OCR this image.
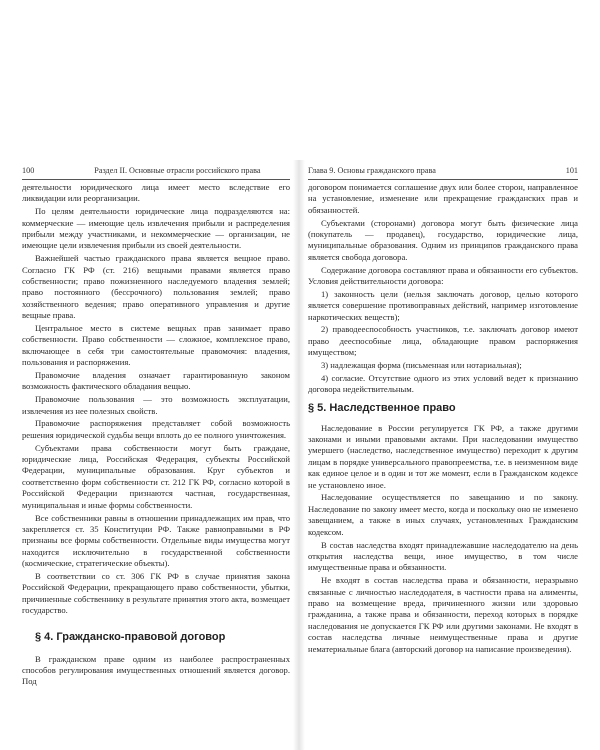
100	Раздел II. Основные отрасли российского права

деятельности юридического лица имеет место вследствие его ликвидации или реорганизации.

По целям деятельности юридические лица подразделяются на: коммерческие — имеющие цель извлечения прибыли и распределения прибыли между участниками, и некоммерческие — организации, не имеющие цели извлечения прибыли из своей деятельности.

Важнейшей частью гражданского права является вещное право. Согласно ГК РФ (ст. 216) вещными правами является право собственности; право пожизненного наследуемого владения землей; право постоянного (бессрочного) пользования землей; право хозяйственного ведения; право оперативного управления и другие вещные права.

Центральное место в системе вещных прав занимает право собственности. Право собственности — сложное, комплексное право, включающее в себя три самостоятельные правомочия: владения, пользования и распоряжения.

Правомочие владения означает гарантированную законом возможность фактического обладания вещью.

Правомочие пользования — это возможность эксплуатации, извлечения из нее полезных свойств.

Правомочие распоряжения представляет собой возможность решения юридической судьбы вещи вплоть до ее полного уничтожения.

Субъектами права собственности могут быть граждане, юридические лица, Российская Федерация, субъекты Российской Федерации, муниципальные образования. Круг субъектов и соответственно форм собственности ст. 212 ГК РФ, согласно которой в Российской Федерации признаются частная, государственная, муниципальная и иные формы собственности.

Все собственники равны в отношении принадлежащих им прав, что закрепляется ст. 35 Конституции РФ. Также равноправными в РФ признаны все формы собственности. Отдельные виды имущества могут находится исключительно в государственной собственности (космические, стратегические объекты).

В соответствии со ст. 306 ГК РФ в случае принятия закона Российской Федерации, прекращающего право собственности, убытки, причиненные собственнику в результате принятия этого акта, возмещает государство.

§ 4. Гражданско-правовой договор

В гражданском праве одним из наиболее распространенных способов регулирования имущественных отношений является договор. Под

Глава 9. Основы гражданского права	101

договором понимается соглашение двух или более сторон, направленное на установление, изменение или прекращение гражданских прав и обязанностей.

Субъектами (сторонами) договора могут быть физические лица (покупатель — продавец), государство, юридические лица, муниципальные образования. Одним из принципов гражданского права является свобода договора.

Содержание договора составляют права и обязанности его субъектов. Условия действительности договора:

1) законность цели (нельзя заключать договор, целью которого является совершение противоправных действий, например изготовление наркотических веществ);

2) праводееспособность участников, т.е. заключать договор имеют право дееспособные лица, обладающие правом распоряжения имуществом;

3) надлежащая форма (письменная или нотариальная);

4) согласие. Отсутствие одного из этих условий ведет к признанию договора недействительным.

§ 5. Наследственное право

Наследование в России регулируется ГК РФ, а также другими законами и иными правовыми актами. При наследовании имущество умершего (наследство, наследственное имущество) переходит к другим лицам в порядке универсального правопреемства, т.е. в неизменном виде как единое целое и в один и тот же момент, если в Гражданском кодексе не установлено иное.

Наследование осуществляется по завещанию и по закону. Наследование по закону имеет место, когда и поскольку оно не изменено завещанием, а также в иных случаях, установленных Гражданским кодексом.

В состав наследства входят принадлежавшие наследодателю на день открытия наследства вещи, иное имущество, в том числе имущественные права и обязанности.

Не входят в состав наследства права и обязанности, неразрывно связанные с личностью наследодателя, в частности права на алименты, право на возмещение вреда, причиненного жизни или здоровью гражданина, а также права и обязанности, переход которых в порядке наследования не допускается ГК РФ или другими законами. Не входят в состав наследства личные неимущественные права и другие нематериальные блага (авторский договор на написание произведения).
